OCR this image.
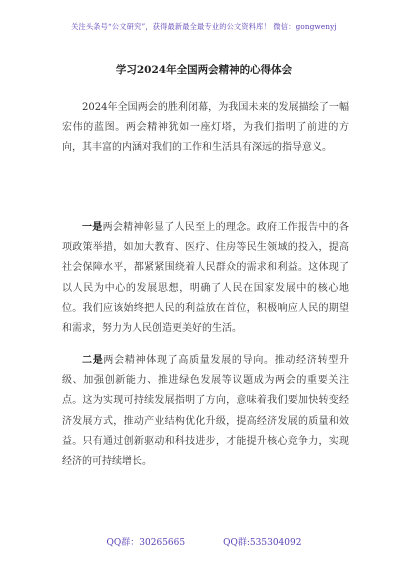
关注头条号“公文研究”，获得最新最全最专业的公文资料库！ 微信：gongwenyj
学习2024年全国两会精神的心得体会
2024年全国两会的胜利闭幕，为我国未来的发展描绘了一幅宏伟的蓝图。两会精神犹如一座灯塔，为我们指明了前进的方向，其丰富的内涵对我们的工作和生活具有深远的指导意义。
一是两会精神彰显了人民至上的理念。政府工作报告中的各项政策举措，如加大教育、医疗、住房等民生领域的投入，提高社会保障水平，都紧紧围绕着人民群众的需求和利益。这体现了以人民为中心的发展思想，明确了人民在国家发展中的核心地位。我们应该始终把人民的利益放在首位，积极响应人民的期望和需求，努力为人民创造更美好的生活。
二是两会精神体现了高质量发展的导向。推动经济转型升级、加强创新能力、推进绿色发展等议题成为两会的重要关注点。这为实现可持续发展指明了方向，意味着我们要加快转变经济发展方式，推动产业结构优化升级，提高经济发展的质量和效益。只有通过创新驱动和科技进步，才能提升核心竞争力，实现经济的可持续增长。
QQ群：30265665	QQ群:535304092
